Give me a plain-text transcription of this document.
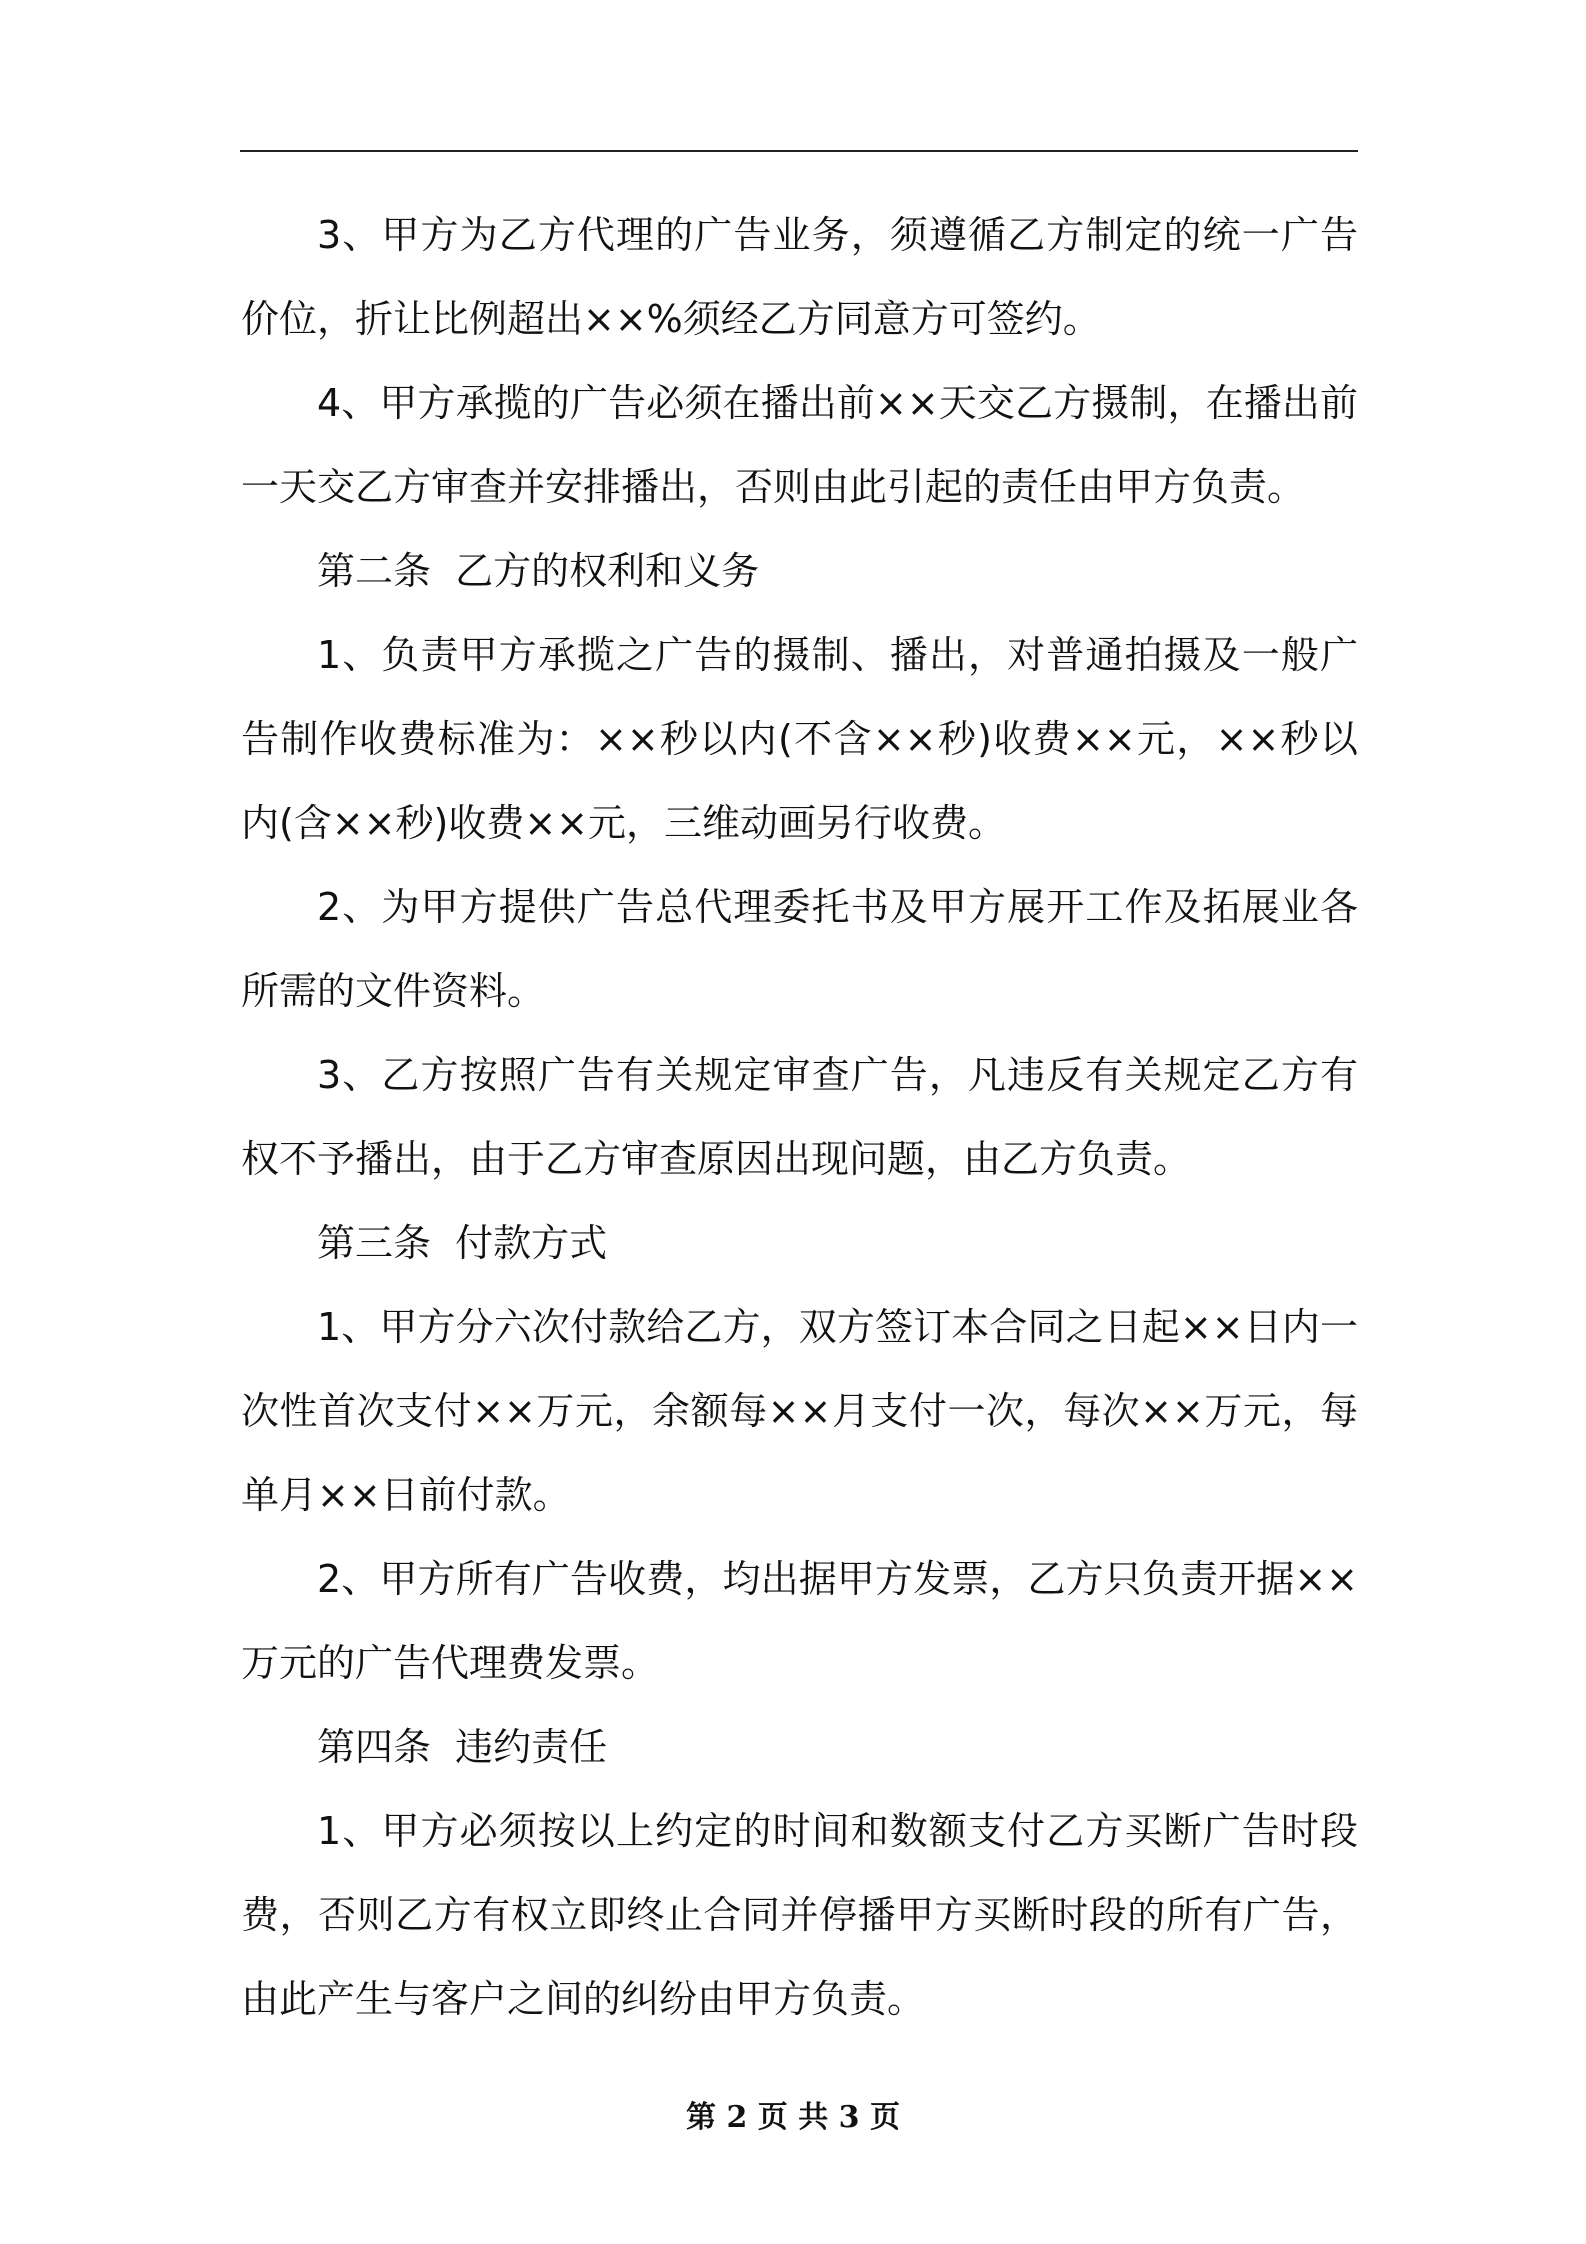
3、甲方为乙方代理的广告业务，须遵循乙方制定的统一广告价位，折让比例超出××%须经乙方同意方可签约。

4、甲方承揽的广告必须在播出前××天交乙方摄制，在播出前一天交乙方审查并安排播出，否则由此引起的责任由甲方负责。

第二条  乙方的权利和义务

1、负责甲方承揽之广告的摄制、播出，对普通拍摄及一般广告制作收费标准为：××秒以内(不含××秒)收费××元，××秒以内(含××秒)收费××元，三维动画另行收费。

2、为甲方提供广告总代理委托书及甲方展开工作及拓展业各所需的文件资料。

3、乙方按照广告有关规定审查广告，凡违反有关规定乙方有权不予播出，由于乙方审查原因出现问题，由乙方负责。

第三条  付款方式

1、甲方分六次付款给乙方，双方签订本合同之日起××日内一次性首次支付××万元，余额每××月支付一次，每次××万元，每单月××日前付款。

2、甲方所有广告收费，均出据甲方发票，乙方只负责开据××万元的广告代理费发票。

第四条  违约责任

1、甲方必须按以上约定的时间和数额支付乙方买断广告时段费，否则乙方有权立即终止合同并停播甲方买断时段的所有广告，由此产生与客户之间的纠纷由甲方负责。

第 2 页 共 3 页
